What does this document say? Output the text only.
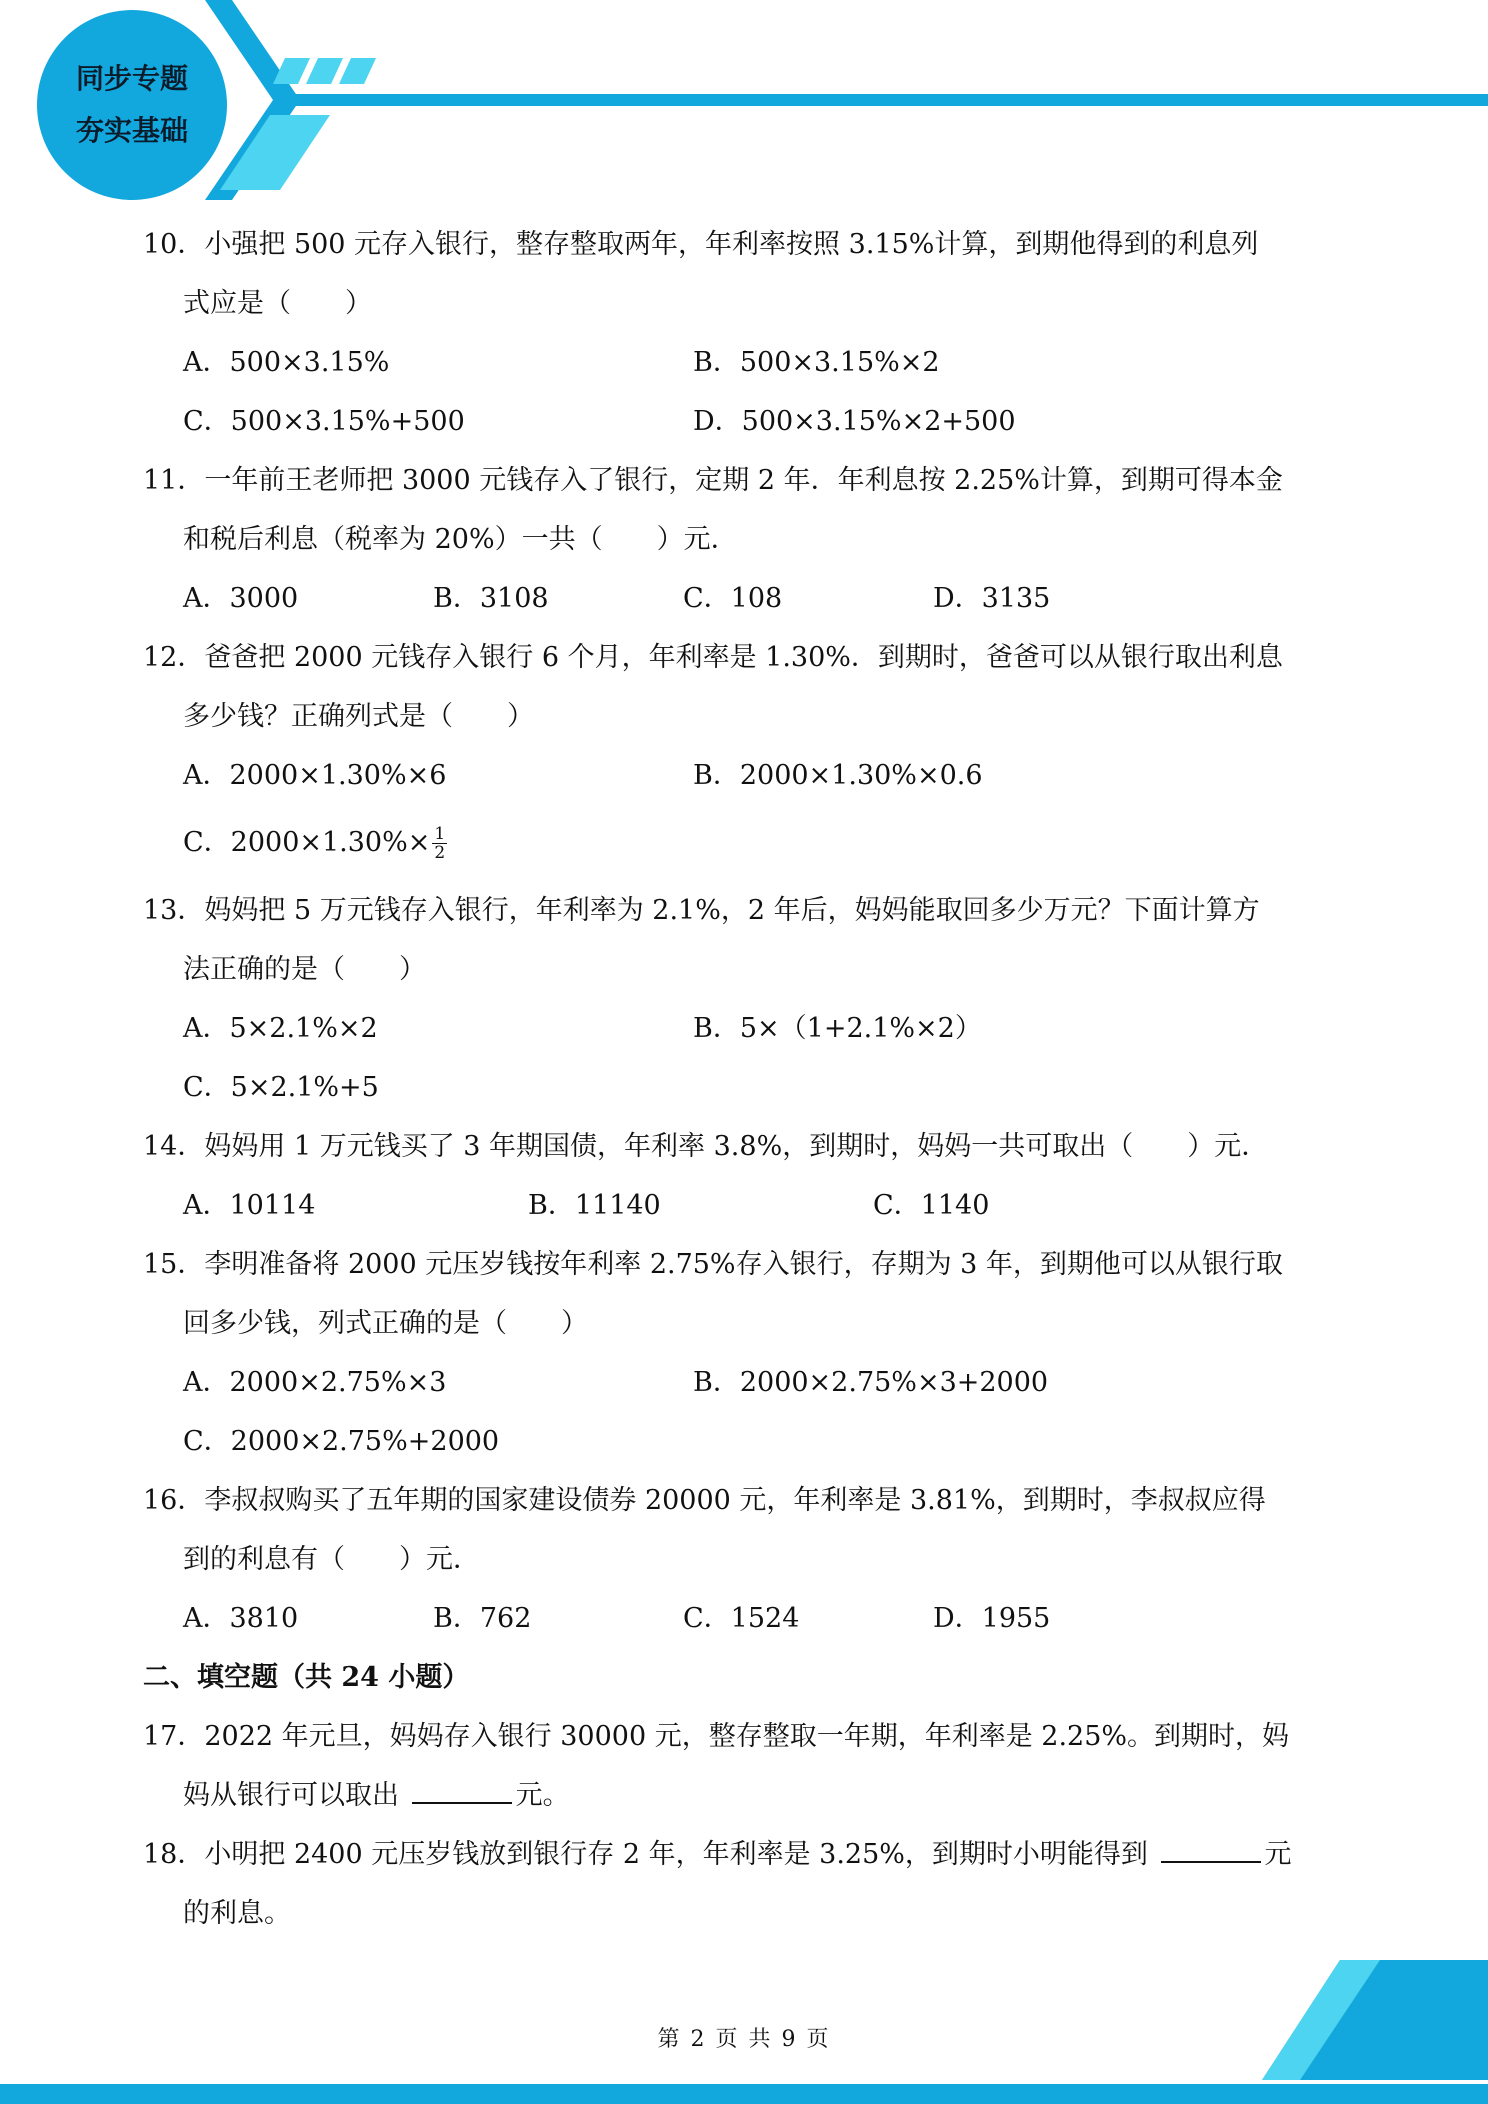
同步专题
夯实基础
10．小强把 500 元存入银行，整存整取两年，年利率按照 3.15%计算，到期他得到的利息列
式应是（　　）
A．500×3.15%	B．500×3.15%×2
C．500×3.15%+500	D．500×3.15%×2+500
11．一年前王老师把 3000 元钱存入了银行，定期 2 年．年利息按 2.25%计算，到期可得本金
和税后利息（税率为 20%）一共（　　）元．
A．3000	B．3108	C．108	D．3135
12．爸爸把 2000 元钱存入银行 6 个月，年利率是 1.30%．到期时，爸爸可以从银行取出利息
多少钱？正确列式是（　　）
A．2000×1.30%×6	B．2000×1.30%×0.6
C．$2000\times 1.30\%\times \frac{1}{2}$
13．妈妈把 5 万元钱存入银行，年利率为 2.1%，2 年后，妈妈能取回多少万元？下面计算方
法正确的是（　　）
A．5×2.1%×2	B．5×（1+2.1%×2）
C．5×2.1%+5
14．妈妈用 1 万元钱买了 3 年期国债，年利率 3.8%，到期时，妈妈一共可取出（　　）元．
A．10114	B．11140	C．1140
15．李明准备将 2000 元压岁钱按年利率 2.75%存入银行，存期为 3 年，到期他可以从银行取
回多少钱，列式正确的是（　　）
A．2000×2.75%×3	B．2000×2.75%×3+2000
C．2000×2.75%+2000
16．李叔叔购买了五年期的国家建设债券 20000 元，年利率是 3.81%，到期时，李叔叔应得
到的利息有（　　）元．
A．3810	B．762	C．1524	D．1955
二、填空题（共 24 小题）
17．2022 年元旦，妈妈存入银行 30000 元，整存整取一年期，年利率是 2.25%。到期时，妈
妈从银行可以取出	元。
18．小明把 2400 元压岁钱放到银行存 2 年，年利率是 3.25%，到期时小明能得到	元
的利息。
第 2 页 共 9 页
